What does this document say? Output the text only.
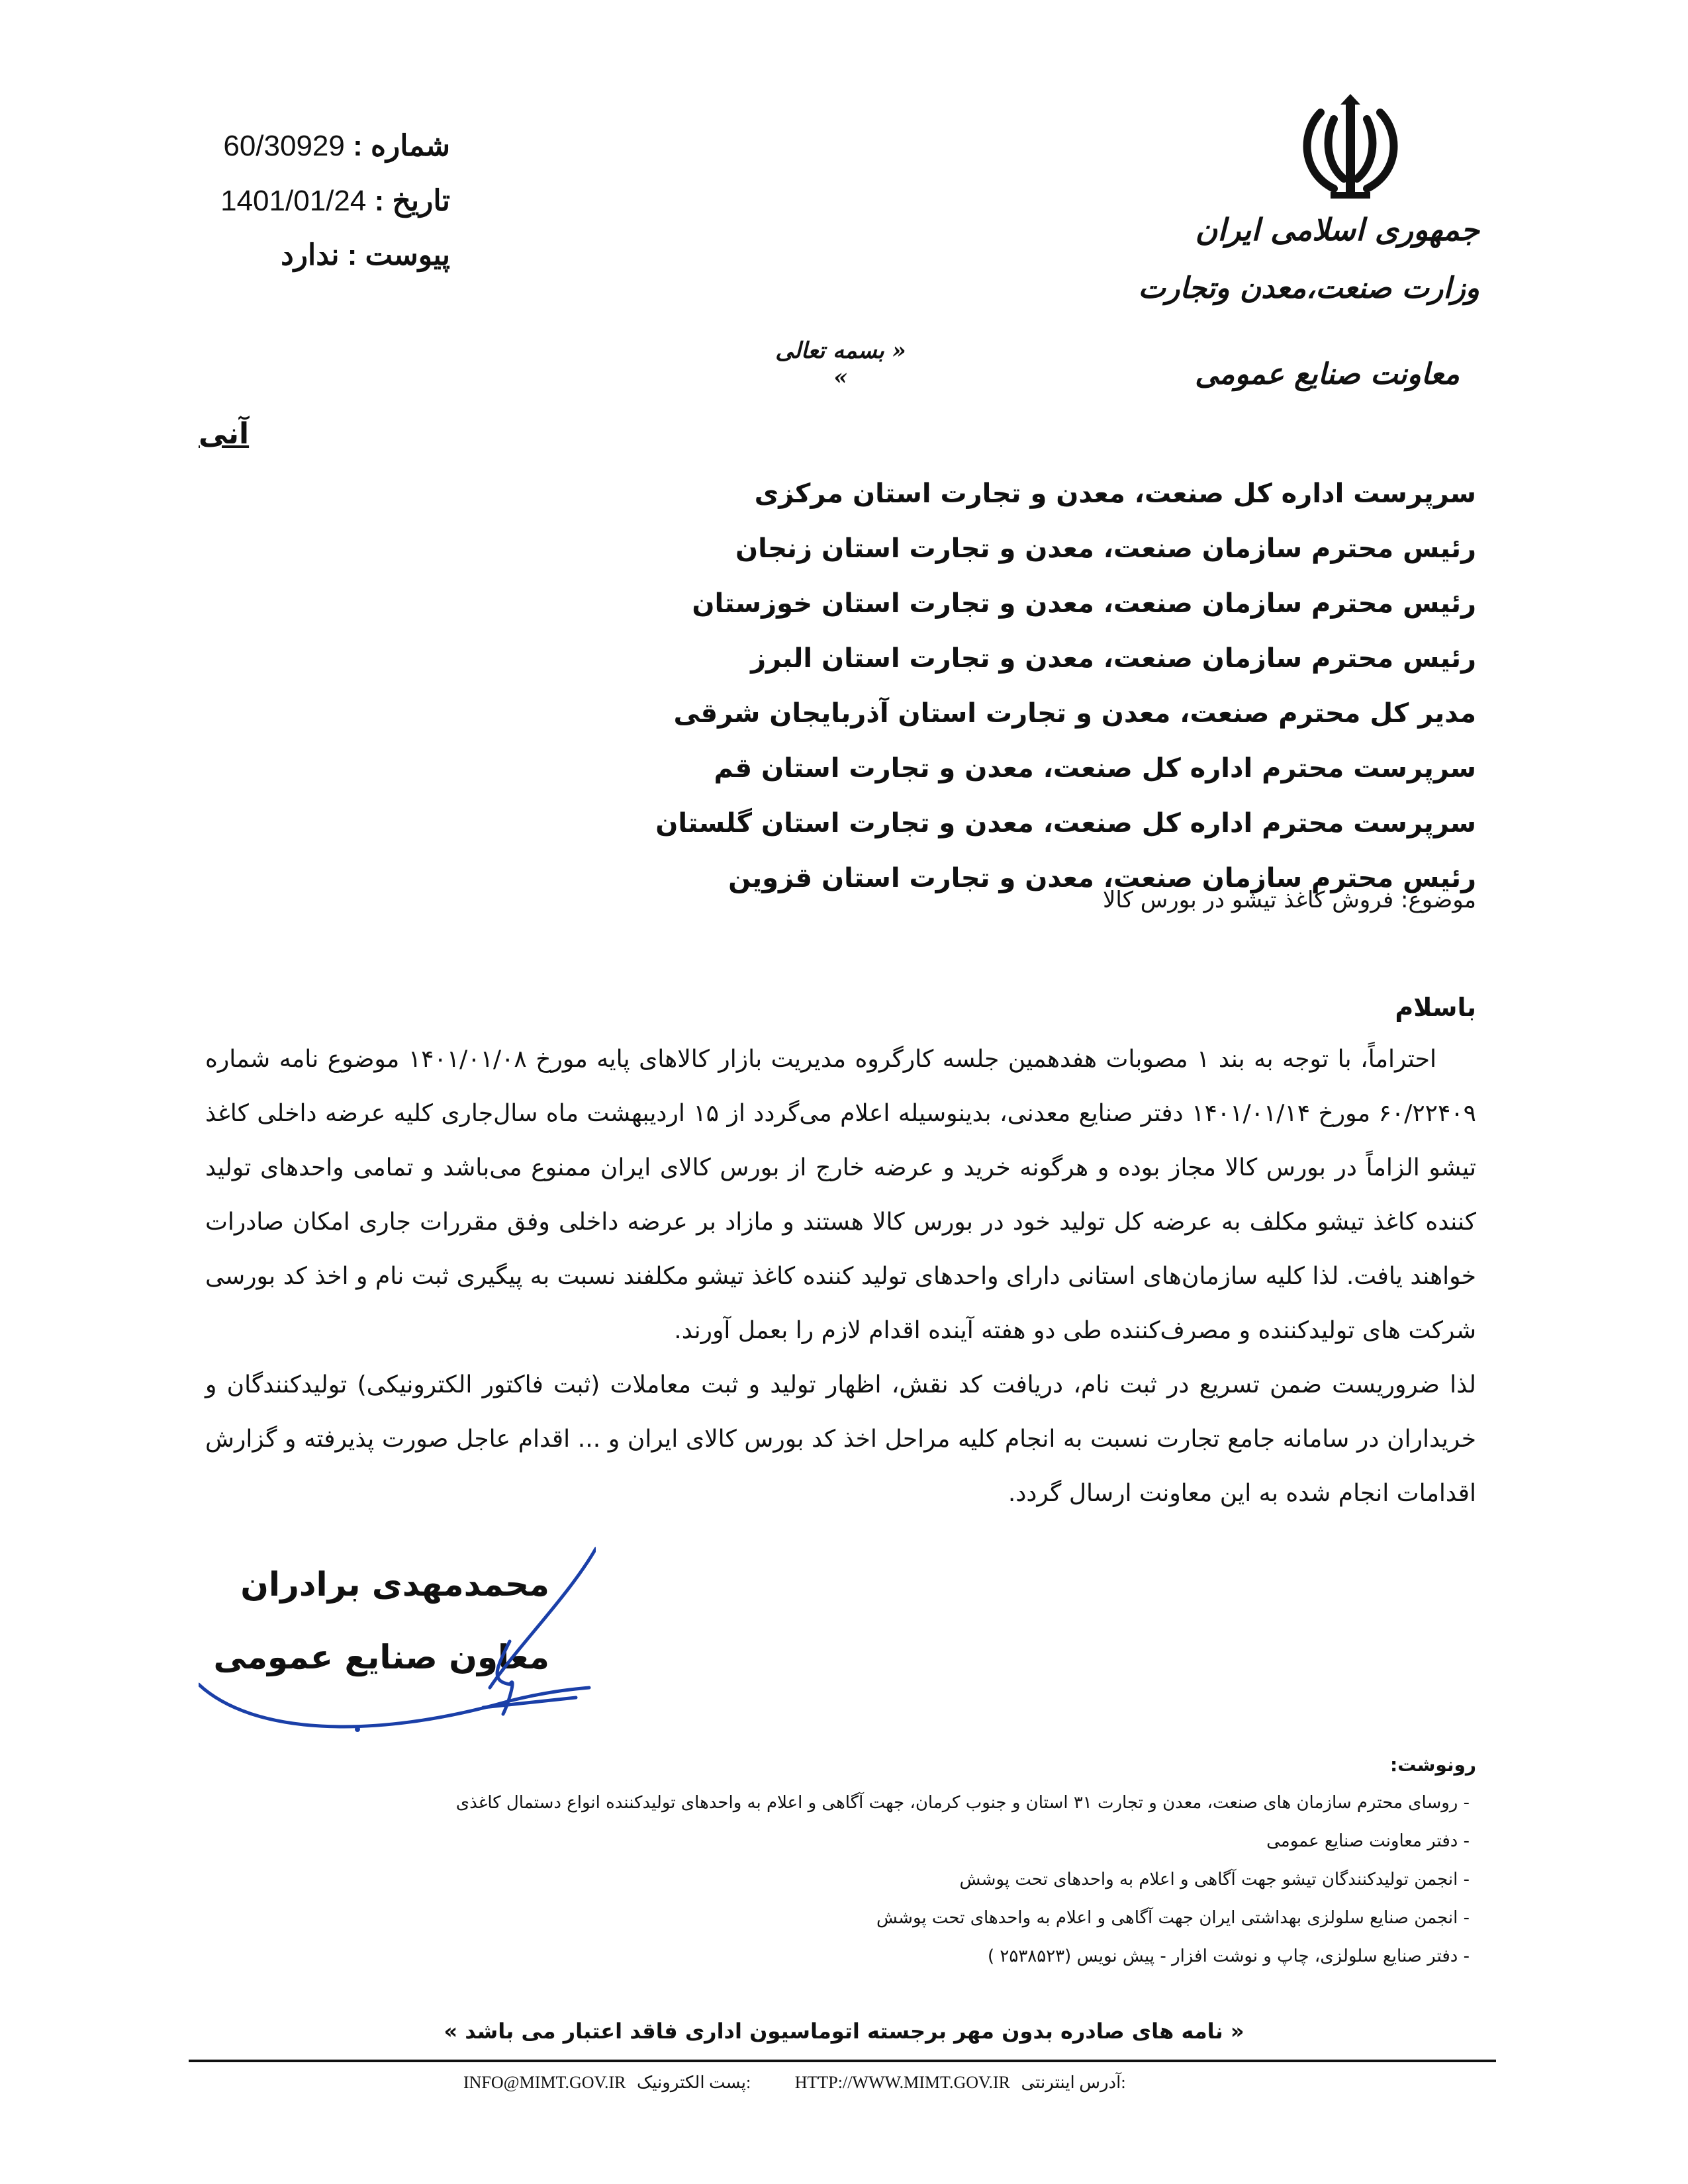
شماره : 60/30929
تاریخ : 1401/01/24
پیوست : ندارد
جمهوری اسلامی ایران
وزارت صنعت،معدن وتجارت
معاونت صنایع عمومی
« بسمه تعالی »
آنی
سرپرست اداره کل صنعت، معدن و تجارت استان مرکزی
رئیس محترم سازمان صنعت، معدن و تجارت استان زنجان
رئیس محترم سازمان صنعت، معدن و تجارت استان خوزستان
رئیس محترم سازمان صنعت، معدن و تجارت استان البرز
مدیر کل محترم صنعت، معدن و تجارت استان آذربایجان شرقی
سرپرست محترم اداره کل صنعت، معدن و تجارت استان قم
سرپرست محترم اداره کل صنعت، معدن و تجارت استان گلستان
رئیس محترم سازمان صنعت، معدن و تجارت استان قزوین
موضوع: فروش کاغذ تیشو در بورس کالا
باسلام

احتراماً، با توجه به بند ۱ مصوبات هفدهمین جلسه کارگروه مدیریت بازار کالاهای پایه مورخ ۱۴۰۱/۰۱/۰۸ موضوع نامه شماره ۶۰/۲۲۴۰۹ مورخ ۱۴۰۱/۰۱/۱۴ دفتر صنایع معدنی، بدینوسیله اعلام می‌گردد از ۱۵ اردیبهشت ماه سال‌جاری کلیه عرضه داخلی کاغذ تیشو الزاماً در بورس کالا مجاز بوده و هرگونه خرید و عرضه خارج از بورس کالای ایران ممنوع می‌باشد و تمامی واحدهای تولید کننده کاغذ تیشو مکلف به عرضه کل تولید خود در بورس کالا هستند و مازاد بر عرضه داخلی وفق مقررات جاری امکان صادرات خواهند یافت. لذا کلیه سازمان‌های استانی دارای واحدهای تولید کننده کاغذ تیشو مکلفند نسبت به پیگیری ثبت نام و اخذ کد بورسی شرکت های تولیدکننده و مصرف‌کننده طی دو هفته آینده اقدام لازم را بعمل آورند.

لذا ضروریست ضمن تسریع در ثبت نام، دریافت کد نقش، اظهار تولید و ثبت معاملات (ثبت فاکتور الکترونیکی) تولیدکنندگان و خریداران در سامانه جامع تجارت نسبت به انجام کلیه مراحل اخذ کد بورس کالای ایران و ... اقدام عاجل صورت پذیرفته و گزارش اقدامات انجام شده به این معاونت ارسال گردد.

محمدمهدی برادران
معاون صنایع عمومی
رونوشت:
- روسای محترم سازمان های صنعت، معدن و تجارت ۳۱ استان و جنوب کرمان، جهت آگاهی و اعلام به واحدهای تولیدکننده انواع دستمال کاغذی
- دفتر معاونت صنایع عمومی
- انجمن تولیدکنندگان تیشو جهت آگاهی و اعلام به واحدهای تحت پوشش
- انجمن صنایع سلولزی بهداشتی ایران جهت آگاهی و اعلام به واحدهای تحت پوشش
- دفتر صنایع سلولزی، چاپ و نوشت افزار - پیش نویس (۲۵۳۸۵۲۳ )
« نامه های صادره بدون مهر برجسته اتوماسیون اداری فاقد اعتبار می باشد »
INFO@MIMT.GOV.IR :پست الکترونیک	HTTP://WWW.MIMT.GOV.IR :آدرس اینترنتی
